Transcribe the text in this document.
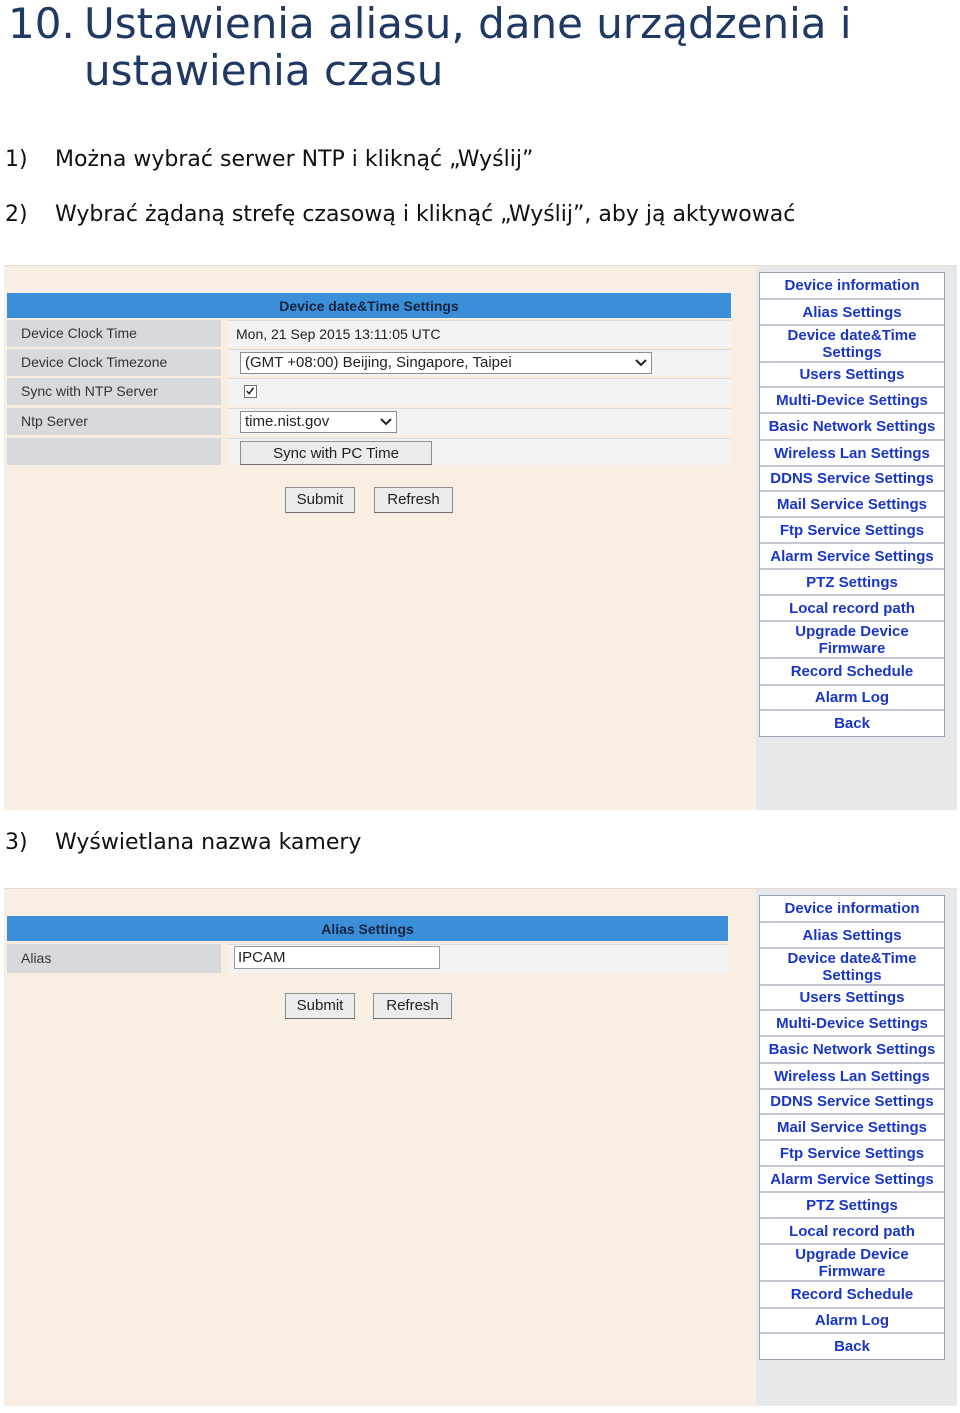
10. Ustawienia aliasu, dane urządzenia i
ustawienia czasu
1) Można wybrać serwer NTP i kliknąć „Wyślij”
2) Wybrać żądaną strefę czasową i kliknąć „Wyślij”, aby ją aktywować
Device information
Alias Settings
Device date&Time Settings
Users Settings
Multi-Device Settings
Basic Network Settings
Wireless Lan Settings
DDNS Service Settings
Mail Service Settings
Ftp Service Settings
Alarm Service Settings
PTZ Settings
Local record path
Upgrade Device Firmware
Record Schedule
Alarm Log
Back
Device date&Time Settings
Device Clock Time	Mon, 21 Sep 2015 13:11:05 UTC
Device Clock Timezone	(GMT +08:00) Beijing, Singapore, Taipei
Sync with NTP Server
Ntp Server	time.nist.gov
Sync with PC Time
Submit	Refresh
3) Wyświetlana nazwa kamery
Device information
Alias Settings
Device date&Time Settings
Users Settings
Multi-Device Settings
Basic Network Settings
Wireless Lan Settings
DDNS Service Settings
Mail Service Settings
Ftp Service Settings
Alarm Service Settings
PTZ Settings
Local record path
Upgrade Device Firmware
Record Schedule
Alarm Log
Back
Alias Settings
Alias	IPCAM
Submit	Refresh
